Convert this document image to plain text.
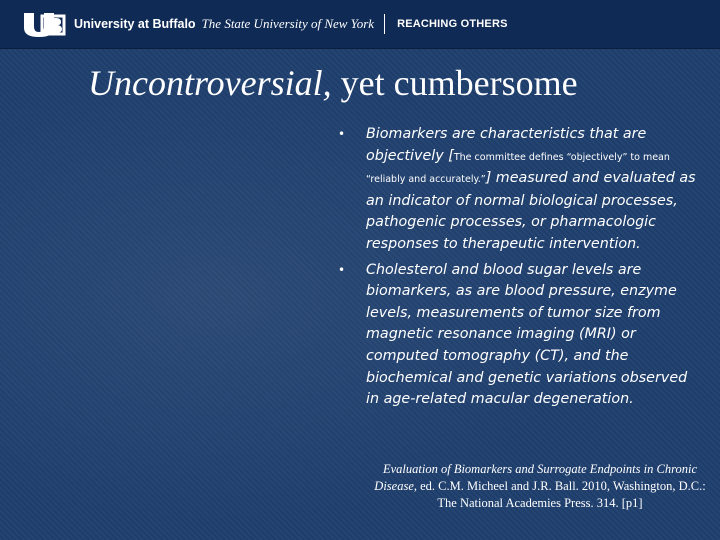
University at Buffalo The State University of New York REACHING OTHERS
Uncontroversial, yet cumbersome
• Biomarkers are characteristics that are objectively [The committee defines “objectively” to mean “reliably and accurately.”] measured and evaluated as an indicator of normal biological processes, pathogenic processes, or pharmacologic responses to therapeutic intervention.
• Cholesterol and blood sugar levels are biomarkers, as are blood pressure, enzyme levels, measurements of tumor size from magnetic resonance imaging (MRI) or computed tomography (CT), and the biochemical and genetic variations observed in age-related macular degeneration.
Evaluation of Biomarkers and Surrogate Endpoints in Chronic Disease, ed. C.M. Micheel and J.R. Ball. 2010, Washington, D.C.: The National Academies Press. 314. [p1]
